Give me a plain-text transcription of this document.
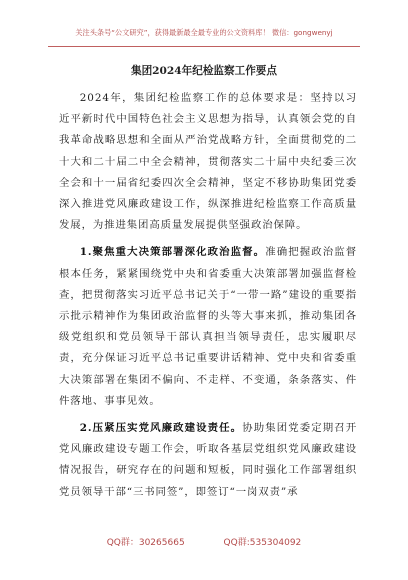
关注头条号“公文研究”，获得最新最全最专业的公文资料库！ 微信：gongwenyj
集团2024年纪检监察工作要点

2024年，集团纪检监察工作的总体要求是：坚持以习近平新时代中国特色社会主义思想为指导，认真领会党的自我革命战略思想和全面从严治党战略方针，全面贯彻党的二十大和二十届二中全会精神，贯彻落实二十届中央纪委三次全会和十一届省纪委四次全会精神，坚定不移协助集团党委深入推进党风廉政建设工作，纵深推进纪检监察工作高质量发展，为推进集团高质量发展提供坚强政治保障。

1.聚焦重大决策部署深化政治监督。准确把握政治监督根本任务，紧紧围绕党中央和省委重大决策部署加强监督检查，把贯彻落实习近平总书记关于“一带一路”建设的重要指示批示精神作为集团政治监督的头等大事来抓，推动集团各级党组织和党员领导干部认真担当领导责任，忠实履职尽责，充分保证习近平总书记重要讲话精神、党中央和省委重大决策部署在集团不偏向、不走样、不变通，条条落实、件件落地、事事见效。

2.压紧压实党风廉政建设责任。协助集团党委定期召开党风廉政建设专题工作会，听取各基层党组织党风廉政建设情况报告，研究存在的问题和短板，同时强化工作部署组织党员领导干部“三书同签”，即签订“一岗双责”承

QQ群：30265665	QQ群:535304092
